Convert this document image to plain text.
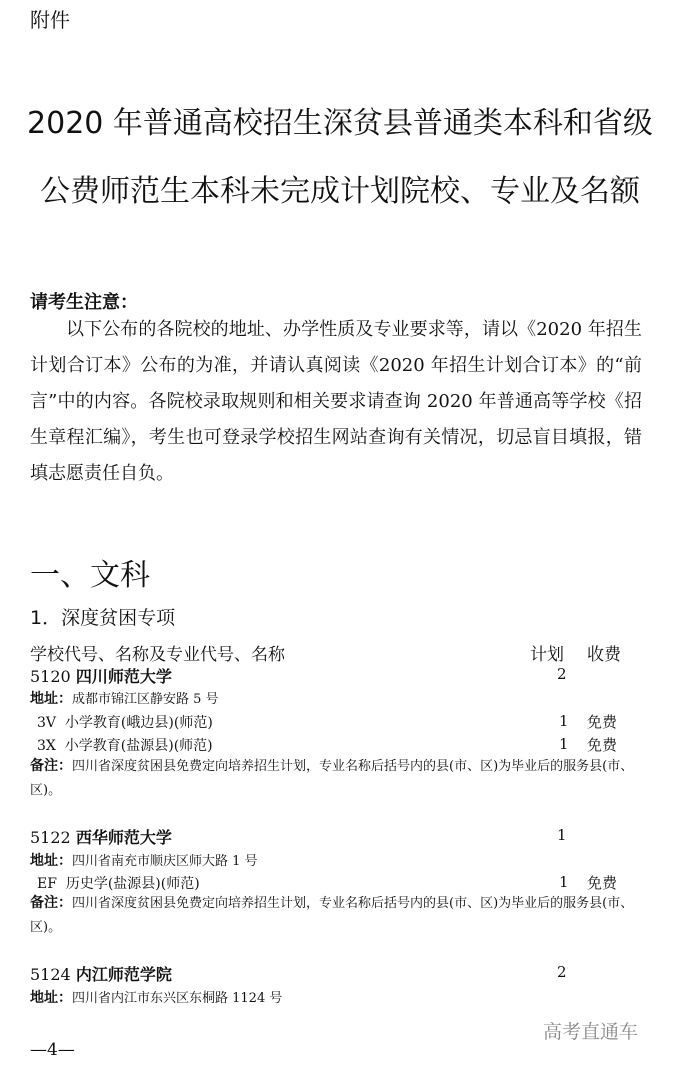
附件
2020 年普通高校招生深贫县普通类本科和省级
公费师范生本科未完成计划院校、专业及名额
请考生注意：
以下公布的各院校的地址、办学性质及专业要求等，请以《2020 年招生计划合订本》公布的为准，并请认真阅读《2020 年招生计划合订本》的“前言”中的内容。各院校录取规则和相关要求请查询 2020 年普通高等学校《招生章程汇编》，考生也可登录学校招生网站查询有关情况，切忌盲目填报，错填志愿责任自负。
一、文科
1．深度贫困专项
学校代号、名称及专业代号、名称	计划 收费
5120 四川师范大学	2
地址：成都市锦江区静安路 5 号
3V 小学教育(峨边县)(师范)	1 免费
3X 小学教育(盐源县)(师范)	1 免费
备注：四川省深度贫困县免费定向培养招生计划，专业名称后括号内的县(市、区)为毕业后的服务县(市、区)。
5122 西华师范大学	1
地址：四川省南充市顺庆区师大路 1 号
EF 历史学(盐源县)(师范)	1 免费
备注：四川省深度贫困县免费定向培养招生计划，专业名称后括号内的县(市、区)为毕业后的服务县(市、区)。
5124 内江师范学院	2
地址：四川省内江市东兴区东桐路 1124 号
高考直通车
—4—
